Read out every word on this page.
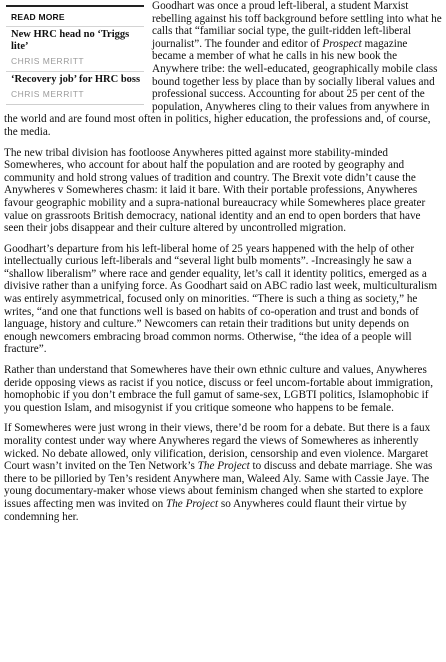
READ MORE
New HRC head no ‘Triggs lite’
CHRIS MERRITT
‘Recovery job’ for HRC boss
CHRIS MERRITT

Goodhart was once a proud left-liberal, a student Marxist rebelling against his toff background before settling into what he calls that “familiar social type, the guilt-ridden left-liberal journalist”. The founder and editor of Prospect magazine became a member of what he calls in his new book the Anywhere tribe: the well-educated, geographically mobile class bound together less by place than by socially liberal values and professional success. Accounting for about 25 per cent of the population, Anywheres cling to their values from anywhere in the world and are found most often in politics, higher education, the professions and, of course, the media.

The new tribal division has footloose Anywheres pitted against more stability-minded Somewheres, who account for about half the population and are rooted by geography and community and hold strong values of tradition and country. The Brexit vote didn’t cause the Anywheres v Somewheres chasm: it laid it bare. With their portable professions, Anywheres favour geographic mobility and a supra-national bureaucracy while Somewheres place greater value on grassroots British democracy, national identity and an end to open borders that have seen their jobs disappear and their culture altered by uncontrolled migration.

Goodhart’s departure from his left-liberal home of 25 years happened with the help of other intellectually curious left-liberals and “several light bulb moments”. -Increasingly he saw a “shallow liberalism” where race and gender equality, let’s call it identity politics, emerged as a divisive rather than a unifying force. As Goodhart said on ABC radio last week, multiculturalism was entirely asymmetrical, focused only on minorities. “There is such a thing as society,” he writes, “and one that functions well is based on habits of co-operation and trust and bonds of language, history and culture.” Newcomers can retain their traditions but unity depends on enough newcomers embracing broad common norms. Otherwise, “the idea of a people will fracture”.

Rather than understand that Somewheres have their own ethnic culture and values, Anywheres deride opposing views as racist if you notice, discuss or feel uncom-fortable about immigration, homophobic if you don’t embrace the full gamut of same-sex, LGBTI politics, Islamophobic if you question Islam, and misogynist if you critique someone who happens to be female.

If Somewheres were just wrong in their views, there’d be room for a debate. But there is a faux morality contest under way where Anywheres regard the views of Somewheres as inherently wicked. No debate allowed, only vilification, derision, censorship and even violence. Margaret Court wasn’t invited on the Ten Network’s The Project to discuss and debate marriage. She was there to be pilloried by Ten’s resident Anywhere man, Waleed Aly. Same with Cassie Jaye. The young documentary-maker whose views about feminism changed when she started to explore issues affecting men was invited on The Project so Anywheres could flaunt their virtue by condemning her.
